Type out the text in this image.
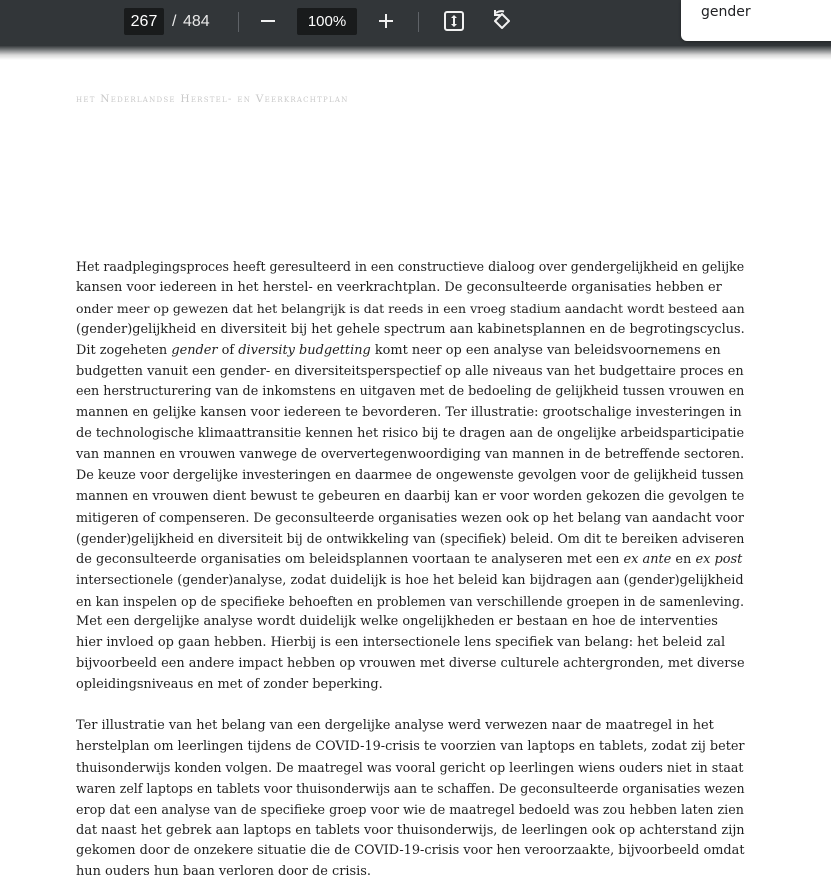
267 / 484	100%
gender
het Nederlandse Herstel- en Veerkrachtplan

Het raadplegingsproces heeft geresulteerd in een constructieve dialoog over gendergelijkheid en gelijke
kansen voor iedereen in het herstel- en veerkrachtplan. De geconsulteerde organisaties hebben er
onder meer op gewezen dat het belangrijk is dat reeds in een vroeg stadium aandacht wordt besteed aan
(gender)gelijkheid en diversiteit bij het gehele spectrum aan kabinetsplannen en de begrotingscyclus.
Dit zogeheten gender of diversity budgetting komt neer op een analyse van beleidsvoornemens en
budgetten vanuit een gender- en diversiteitsperspectief op alle niveaus van het budgettaire proces en
een herstructurering van de inkomstens en uitgaven met de bedoeling de gelijkheid tussen vrouwen en
mannen en gelijke kansen voor iedereen te bevorderen. Ter illustratie: grootschalige investeringen in
de technologische klimaattransitie kennen het risico bij te dragen aan de ongelijke arbeidsparticipatie
van mannen en vrouwen vanwege de oververtegenwoordiging van mannen in de betreffende sectoren.
De keuze voor dergelijke investeringen en daarmee de ongewenste gevolgen voor de gelijkheid tussen
mannen en vrouwen dient bewust te gebeuren en daarbij kan er voor worden gekozen die gevolgen te
mitigeren of compenseren. De geconsulteerde organisaties wezen ook op het belang van aandacht voor
(gender)gelijkheid en diversiteit bij de ontwikkeling van (specifiek) beleid. Om dit te bereiken adviseren
de geconsulteerde organisaties om beleidsplannen voortaan te analyseren met een ex ante en ex post
intersectionele (gender)analyse, zodat duidelijk is hoe het beleid kan bijdragen aan (gender)gelijkheid
en kan inspelen op de specifieke behoeften en problemen van verschillende groepen in de samenleving.
Met een dergelijke analyse wordt duidelijk welke ongelijkheden er bestaan en hoe de interventies
hier invloed op gaan hebben. Hierbij is een intersectionele lens specifiek van belang: het beleid zal
bijvoorbeeld een andere impact hebben op vrouwen met diverse culturele achtergronden, met diverse
opleidingsniveaus en met of zonder beperking.

Ter illustratie van het belang van een dergelijke analyse werd verwezen naar de maatregel in het
herstelplan om leerlingen tijdens de COVID-19-crisis te voorzien van laptops en tablets, zodat zij beter
thuisonderwijs konden volgen. De maatregel was vooral gericht op leerlingen wiens ouders niet in staat
waren zelf laptops en tablets voor thuisonderwijs aan te schaffen. De geconsulteerde organisaties wezen
erop dat een analyse van de specifieke groep voor wie de maatregel bedoeld was zou hebben laten zien
dat naast het gebrek aan laptops en tablets voor thuisonderwijs, de leerlingen ook op achterstand zijn
gekomen door de onzekere situatie die de COVID-19-crisis voor hen veroorzaakte, bijvoorbeeld omdat
hun ouders hun baan verloren door de crisis.
